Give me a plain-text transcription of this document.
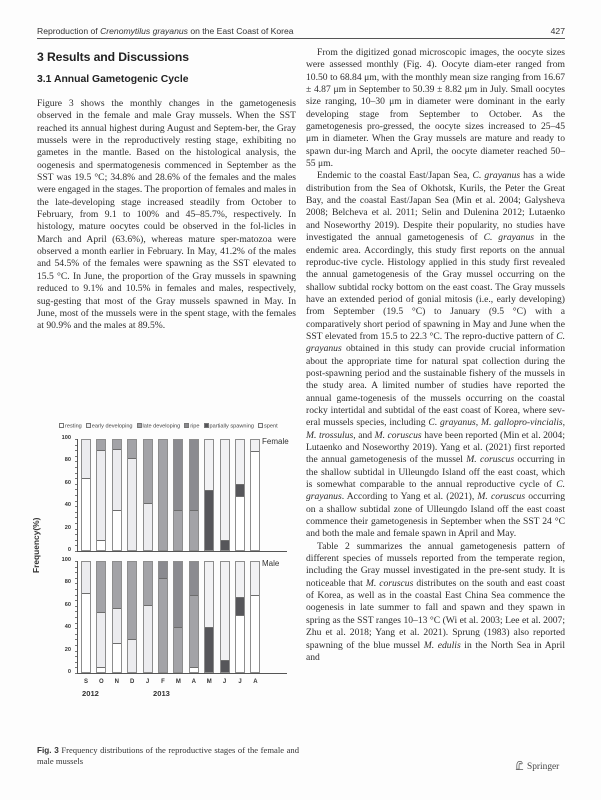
Reproduction of Crenomytilus grayanus on the East Coast of Korea	427
3 Results and Discussions
3.1 Annual Gametogenic Cycle

Figure 3 shows the monthly changes in the gametogenesis observed in the female and male Gray mussels. When the SST reached its annual highest during August and Septem-ber, the Gray mussels were in the reproductively resting stage, exhibiting no gametes in the mantle. Based on the histological analysis, the oogenesis and spermatogenesis commenced in September as the SST was 19.5 °C; 34.8% and 28.6% of the females and the males were engaged in the stages. The proportion of females and males in the late-developing stage increased steadily from October to February, from 9.1 to 100% and 45–85.7%, respectively. In histology, mature oocytes could be observed in the fol-licles in March and April (63.6%), whereas mature sper-matozoa were observed a month earlier in February. In May, 41.2% of the males and 54.5% of the females were spawning as the SST elevated to 15.5 °C. In June, the proportion of the Gray mussels in spawning reduced to 9.1% and 10.5% in females and males, respectively, sug-gesting that most of the Gray mussels spawned in May. In June, most of the mussels were in the spent stage, with the females at 90.9% and the males at 89.5%.

resting early developing late developing ripe partially spawning spent
Frequency(%)
Female
0
20
40
60
80
100
Male
0
20
40
60
80
100
S	O	N	D	J	F	M	A	M	J	J	A
2012	2013
Fig. 3 Frequency distributions of the reproductive stages of the female and male mussels

From the digitized gonad microscopic images, the oocyte sizes were assessed monthly (Fig. 4). Oocyte diam-eter ranged from 10.50 to 68.84 μm, with the monthly mean size ranging from 16.67 ± 4.87 μm in September to 50.39 ± 8.82 μm in July. Small oocytes size ranging, 10–30 μm in diameter were dominant in the early developing stage from September to October. As the gametogenesis pro-gressed, the oocyte sizes increased to 25–45 μm in diameter. When the Gray mussels are mature and ready to spawn dur-ing March and April, the oocyte diameter reached 50–55 μm.

Endemic to the coastal East/Japan Sea, C. grayanus has a wide distribution from the Sea of Okhotsk, Kurils, the Peter the Great Bay, and the coastal East/Japan Sea (Min et al. 2004; Galysheva 2008; Belcheva et al. 2011; Selin and Dulenina 2012; Lutaenko and Noseworthy 2019). Despite their popularity, no studies have investigated the annual gametogenesis of C. grayanus in the endemic area. Accordingly, this study first reports on the annual reproduc-tive cycle. Histology applied in this study first revealed the annual gametogenesis of the Gray mussel occurring on the shallow subtidal rocky bottom on the east coast. The Gray mussels have an extended period of gonial mitosis (i.e., early developing) from September (19.5 °C) to January (9.5 °C) with a comparatively short period of spawning in May and June when the SST elevated from 15.5 to 22.3 °C. The repro-ductive pattern of C. grayanus obtained in this study can provide crucial information about the appropriate time for natural spat collection during the post-spawning period and the sustainable fishery of the mussels in the study area. A limited number of studies have reported the annual game-togenesis of the mussels occurring on the coastal rocky intertidal and subtidal of the east coast of Korea, where sev-eral mussels species, including C. grayanus, M. gallopro-vincialis, M. trossulus, and M. coruscus have been reported (Min et al. 2004; Lutaenko and Noseworthy 2019). Yang et al. (2021) first reported the annual gametogenesis of the mussel M. coruscus occurring in the shallow subtidal in Ulleungdo Island off the east coast, which is somewhat comparable to the annual reproductive cycle of C. grayanus. According to Yang et al. (2021), M. coruscus occurring on a shallow subtidal zone of Ulleungdo Island off the east coast commence their gametogenesis in September when the SST 24 °C and both the male and female spawn in April and May.

Table 2 summarizes the annual gametogenesis pattern of different species of mussels reported from the temperate region, including the Gray mussel investigated in the pre-sent study. It is noticeable that M. coruscus distributes on the south and east coast of Korea, as well as in the coastal East China Sea commence the oogenesis in late summer to fall and spawn and they spawn in spring as the SST ranges 10–13 °C (Wi et al. 2003; Lee et al. 2007; Zhu et al. 2018; Yang et al. 2021). Sprung (1983) also reported spawning of the blue mussel M. edulis in the North Sea in April and

Springer
